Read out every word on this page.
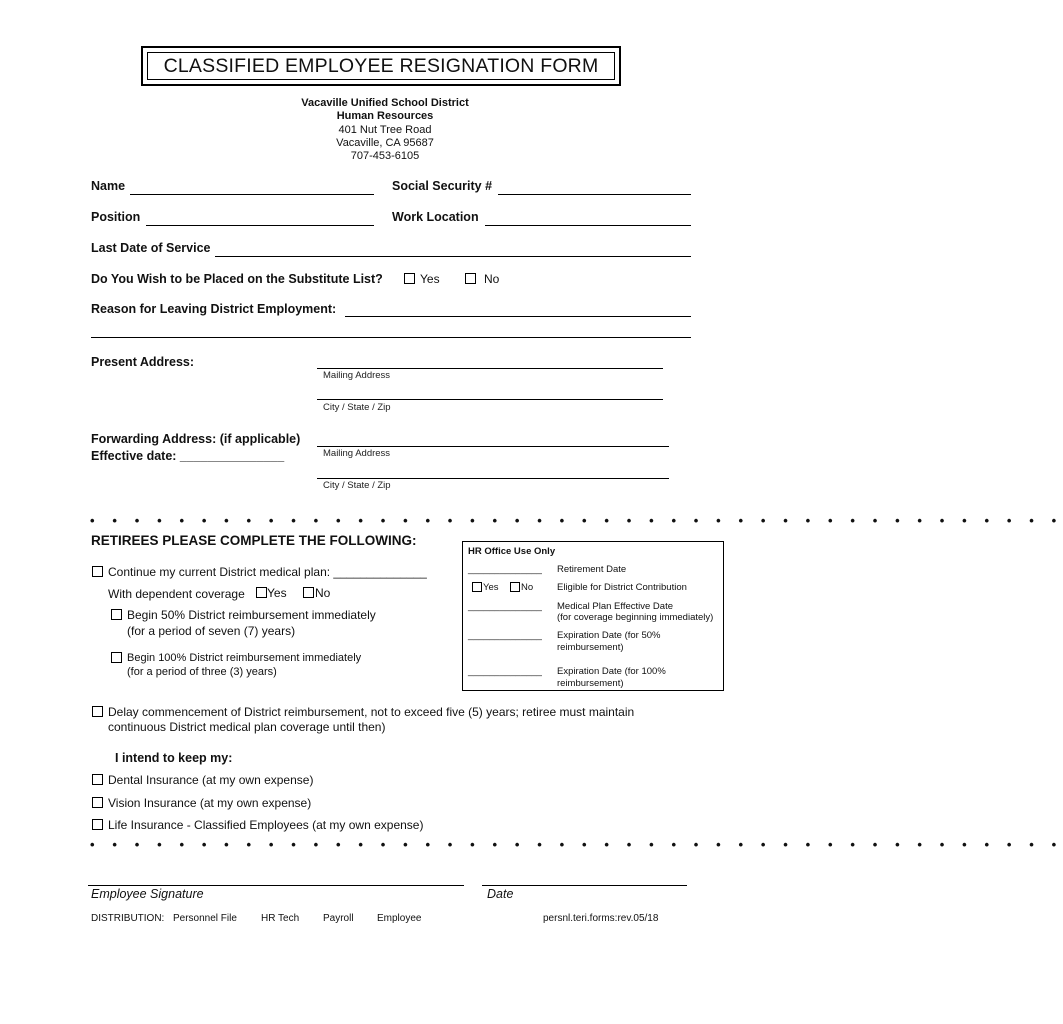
CLASSIFIED EMPLOYEE RESIGNATION FORM
Vacaville Unified School District
Human Resources
401 Nut Tree Road
Vacaville, CA 95687
707-453-6105
Name	Social Security #
Position	Work Location
Last Date of Service
Do You Wish to be Placed on the Substitute List?	Yes	No
Reason for Leaving District Employment:
Present Address:
Mailing Address
City / State / Zip
Forwarding Address: (if applicable)
Effective date: _______________	Mailing Address
City / State / Zip
• • • • • • • • • • • • • • • • • • • • • • • • • • • • • • • • • • • • • • • • • • • •
RETIREES PLEASE COMPLETE THE FOLLOWING:
Continue my current District medical plan: ______________
With dependent coverage Yes No
Begin 50% District reimbursement immediately
(for a period of seven (7) years)
Begin 100% District reimbursement immediately
(for a period of three (3) years)
HR Office Use Only
______________ Retirement Date
Yes No	Eligible for District Contribution
______________ Medical Plan Effective Date
(for coverage beginning immediately)
______________ Expiration Date (for 50%
reimbursement)
______________ Expiration Date (for 100%
reimbursement)
Delay commencement of District reimbursement, not to exceed five (5) years; retiree must maintain
continuous District medical plan coverage until then)
I intend to keep my:
Dental Insurance (at my own expense)
Vision Insurance (at my own expense)
Life Insurance - Classified Employees (at my own expense)
• • • • • • • • • • • • • • • • • • • • • • • • • • • • • • • • • • • • • • • • • • • •
Employee Signature	Date
DISTRIBUTION: Personnel File HR Tech Payroll Employee	persnl.teri.forms:rev.05/18
